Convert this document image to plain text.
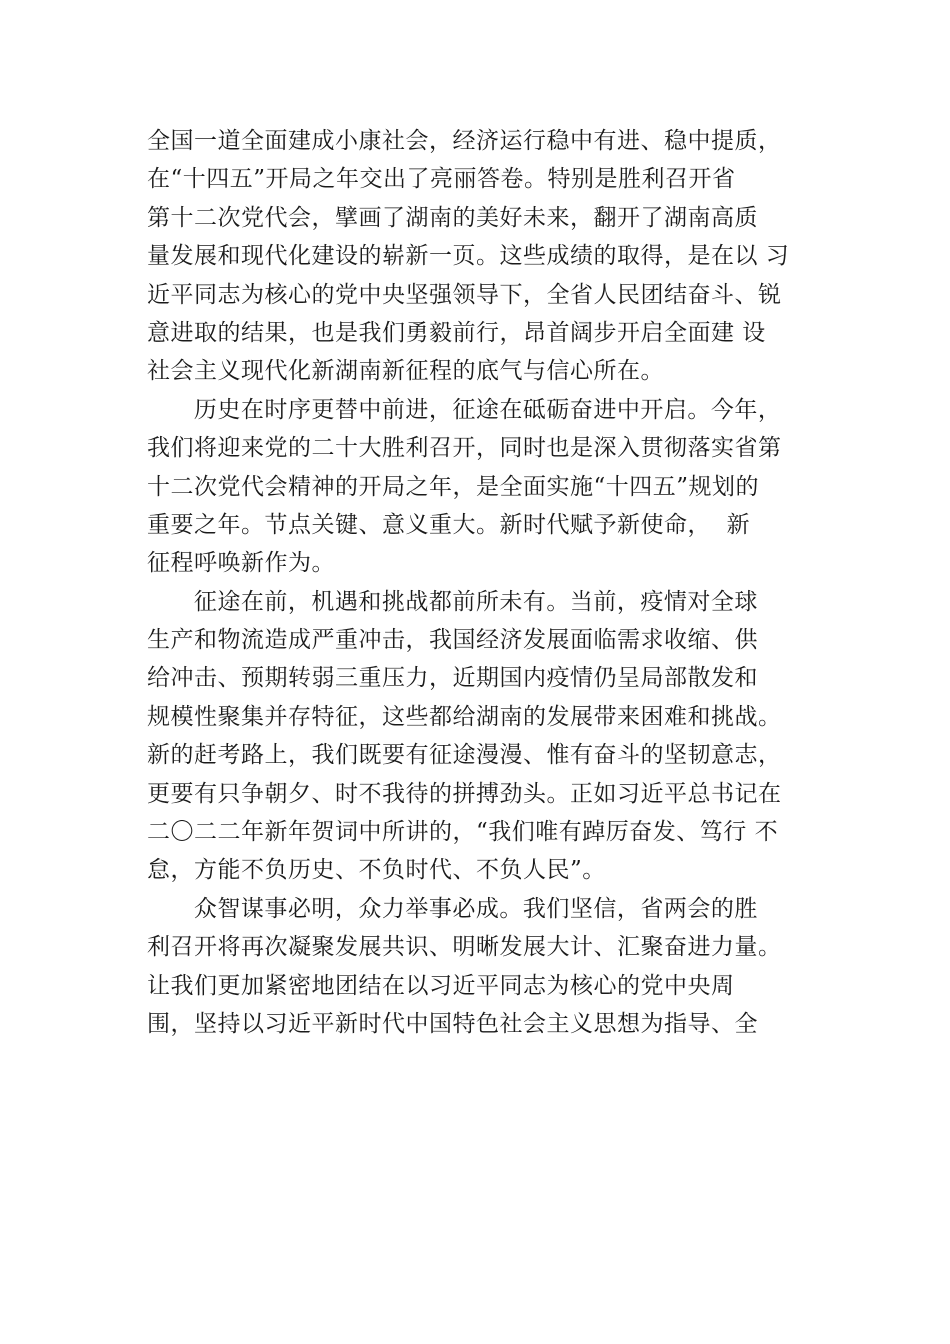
全国一道全面建成小康社会，经济运行稳中有进、稳中提质，
在“十四五”开局之年交出了亮丽答卷。特别是胜利召开省
第十二次党代会，擘画了湖南的美好未来，翻开了湖南高质
量发展和现代化建设的崭新一页。这些成绩的取得，是在以 习
近平同志为核心的党中央坚强领导下，全省人民团结奋斗、锐
意进取的结果，也是我们勇毅前行，昂首阔步开启全面建 设
社会主义现代化新湖南新征程的底气与信心所在。
历史在时序更替中前进，征途在砥砺奋进中开启。今年，
我们将迎来党的二十大胜利召开，同时也是深入贯彻落实省第
十二次党代会精神的开局之年，是全面实施“十四五”规划的
重要之年。节点关键、意义重大。新时代赋予新使命，  新
征程呼唤新作为。
征途在前，机遇和挑战都前所未有。当前，疫情对全球
生产和物流造成严重冲击，我国经济发展面临需求收缩、供
给冲击、预期转弱三重压力，近期国内疫情仍呈局部散发和
规模性聚集并存特征，这些都给湖南的发展带来困难和挑战。
新的赶考路上，我们既要有征途漫漫、惟有奋斗的坚韧意志，
更要有只争朝夕、时不我待的拼搏劲头。正如习近平总书记在
二〇二二年新年贺词中所讲的，“我们唯有踔厉奋发、笃行 不
怠，方能不负历史、不负时代、不负人民”。
众智谋事必明，众力举事必成。我们坚信，省两会的胜
利召开将再次凝聚发展共识、明晰发展大计、汇聚奋进力量。
让我们更加紧密地团结在以习近平同志为核心的党中央周
围，坚持以习近平新时代中国特色社会主义思想为指导、全
